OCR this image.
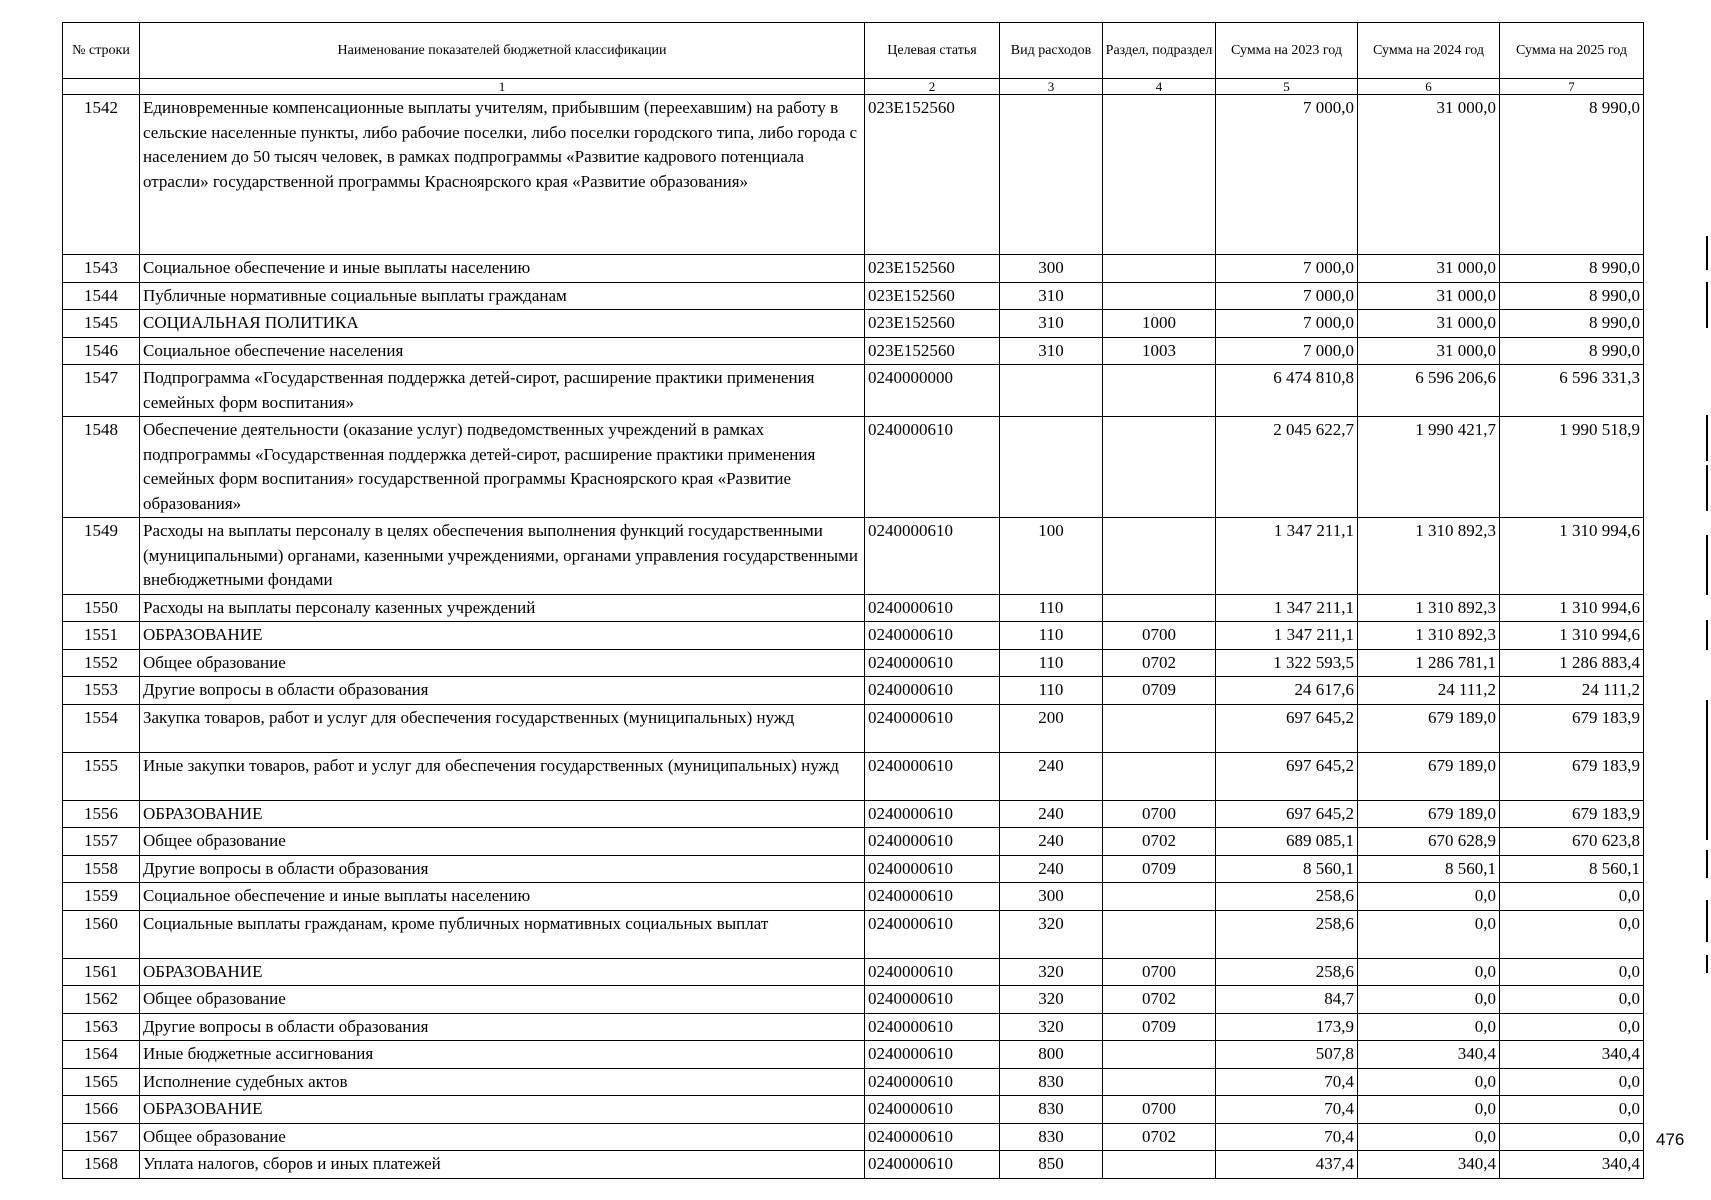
№ строки	Наименование показателей бюджетной классификации	Целевая статья	Вид расходов	Раздел, подраздел	Сумма на 2023 год	Сумма на 2024 год	Сумма на 2025 год
	1	2	3	4	5	6	7
1542	Единовременные компенсационные выплаты учителям, прибывшим (переехавшим) на работу в сельские населенные пункты, либо рабочие поселки, либо поселки городского типа, либо города с населением до 50 тысяч человек, в рамках подпрограммы «Развитие кадрового потенциала отрасли» государственной программы Красноярского края «Развитие образования»	023E152560			7 000,0	31 000,0	8 990,0
1543	Социальное обеспечение и иные выплаты населению	023E152560	300		7 000,0	31 000,0	8 990,0
1544	Публичные нормативные социальные выплаты гражданам	023E152560	310		7 000,0	31 000,0	8 990,0
1545	СОЦИАЛЬНАЯ ПОЛИТИКА	023E152560	310	1000	7 000,0	31 000,0	8 990,0
1546	Социальное обеспечение населения	023E152560	310	1003	7 000,0	31 000,0	8 990,0
1547	Подпрограмма «Государственная поддержка детей-сирот, расширение практики применения семейных форм воспитания»	0240000000			6 474 810,8	6 596 206,6	6 596 331,3
1548	Обеспечение деятельности (оказание услуг) подведомственных учреждений в рамках подпрограммы «Государственная поддержка детей-сирот, расширение практики применения семейных форм воспитания» государственной программы Красноярского края «Развитие образования»	0240000610			2 045 622,7	1 990 421,7	1 990 518,9
1549	Расходы на выплаты персоналу в целях обеспечения выполнения функций государственными (муниципальными) органами, казенными учреждениями, органами управления государственными внебюджетными фондами	0240000610	100		1 347 211,1	1 310 892,3	1 310 994,6
1550	Расходы на выплаты персоналу казенных учреждений	0240000610	110		1 347 211,1	1 310 892,3	1 310 994,6
1551	ОБРАЗОВАНИЕ	0240000610	110	0700	1 347 211,1	1 310 892,3	1 310 994,6
1552	Общее образование	0240000610	110	0702	1 322 593,5	1 286 781,1	1 286 883,4
1553	Другие вопросы в области образования	0240000610	110	0709	24 617,6	24 111,2	24 111,2
1554	Закупка товаров, работ и услуг для обеспечения государственных (муниципальных) нужд	0240000610	200		697 645,2	679 189,0	679 183,9
1555	Иные закупки товаров, работ и услуг для обеспечения государственных (муниципальных) нужд	0240000610	240		697 645,2	679 189,0	679 183,9
1556	ОБРАЗОВАНИЕ	0240000610	240	0700	697 645,2	679 189,0	679 183,9
1557	Общее образование	0240000610	240	0702	689 085,1	670 628,9	670 623,8
1558	Другие вопросы в области образования	0240000610	240	0709	8 560,1	8 560,1	8 560,1
1559	Социальное обеспечение и иные выплаты населению	0240000610	300		258,6	0,0	0,0
1560	Социальные выплаты гражданам, кроме публичных нормативных социальных выплат	0240000610	320		258,6	0,0	0,0
1561	ОБРАЗОВАНИЕ	0240000610	320	0700	258,6	0,0	0,0
1562	Общее образование	0240000610	320	0702	84,7	0,0	0,0
1563	Другие вопросы в области образования	0240000610	320	0709	173,9	0,0	0,0
1564	Иные бюджетные ассигнования	0240000610	800		507,8	340,4	340,4
1565	Исполнение судебных актов	0240000610	830		70,4	0,0	0,0
1566	ОБРАЗОВАНИЕ	0240000610	830	0700	70,4	0,0	0,0
1567	Общее образование	0240000610	830	0702	70,4	0,0	0,0
1568	Уплата налогов, сборов и иных платежей	0240000610	850		437,4	340,4	340,4
476
